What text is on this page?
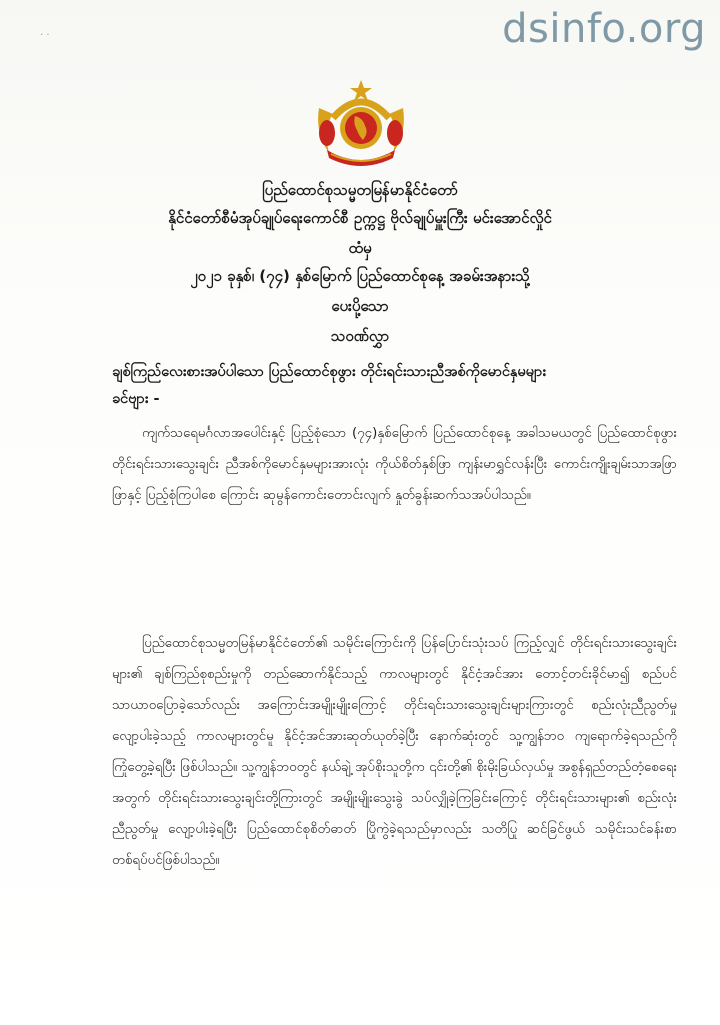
dsinfo.org
· ·
ပြည်ထောင်စုသမ္မတမြန်မာနိုင်ငံတော်
နိုင်ငံတော်စီမံအုပ်ချုပ်ရေးကောင်စီ ဥက္ကဋ္ဌ ဗိုလ်ချုပ်မှူးကြီး မင်းအောင်လှိုင်
ထံမှ
၂၀၂၁ ခုနှစ်၊ (၇၄) နှစ်မြောက် ပြည်ထောင်စုနေ့ အခမ်းအနားသို့
ပေးပို့သော
သဝဏ်လွှာ
ချစ်ကြည်လေးစားအပ်ပါသော ပြည်ထောင်စုဖွား တိုင်းရင်းသားညီအစ်ကိုမောင်နှမများ
ခင်ဗျား -
ကျက်သရေမင်္ဂလာအပေါင်းနှင့် ပြည့်စုံသော (၇၄)နှစ်မြောက် ပြည်ထောင်စုနေ့ အခါသမယတွင် ပြည်ထောင်စုဖွား တိုင်းရင်းသားသွေးချင်း ညီအစ်ကိုမောင်နှမများအားလုံး ကိုယ်စိတ်နှစ်ဖြာ ကျန်းမာရွှင်လန်းပြီး ကောင်းကျိုးချမ်းသာအဖြာဖြာနှင့် ပြည့်စုံကြပါစေ ကြောင်း ဆုမွန်ကောင်းတောင်းလျက် နှုတ်ခွန်းဆက်သအပ်ပါသည်။
ပြည်ထောင်စုသမ္မတမြန်မာနိုင်ငံတော်၏ သမိုင်းကြောင်းကို ပြန်ပြောင်းသုံးသပ် ကြည့်လျှင် တိုင်းရင်းသားသွေးချင်းများ၏ ချစ်ကြည်စုစည်းမှုကို တည်ဆောက်နိုင်သည့် ကာလများတွင် နိုင်ငံ့အင်အား တောင့်တင်းခိုင်မာ၍ စည်ပင်သာယာဝပြောခဲ့သော်လည်း အကြောင်းအမျိုးမျိုးကြောင့် တိုင်းရင်းသားသွေးချင်းများကြားတွင် စည်းလုံးညီညွတ်မှု လျော့ပါးခဲ့သည့် ကာလများတွင်မူ နိုင်ငံ့အင်အားဆုတ်ယုတ်ခဲ့ပြီး နောက်ဆုံးတွင် သူ့ကျွန်ဘဝ ကျရောက်ခဲ့ရသည်ကို ကြုံတွေ့ခဲ့ရပြီး ဖြစ်ပါသည်။ သူ့ကျွန်ဘဝတွင် နယ်ချဲ့ အုပ်စိုးသူတို့က ၎င်းတို့၏ စိုးမိုးခြယ်လှယ်မှု အစွန်ရှည်တည်တံ့စေရေးအတွက် တိုင်းရင်းသားသွေးချင်းတို့ကြားတွင် အမျိုးမျိုးသွေးခွဲ သပ်လျှိုခဲ့ကြခြင်းကြောင့် တိုင်းရင်းသားများ၏ စည်းလုံးညီညွတ်မှု လျော့ပါးခဲ့ရပြီး ပြည်ထောင်စုစိတ်ဓာတ် ပြိုကွဲခဲ့ရသည်မှာလည်း သတိပြု ဆင်ခြင်ဖွယ် သမိုင်းသင်ခန်းစာ တစ်ရပ်ပင်ဖြစ်ပါသည်။
